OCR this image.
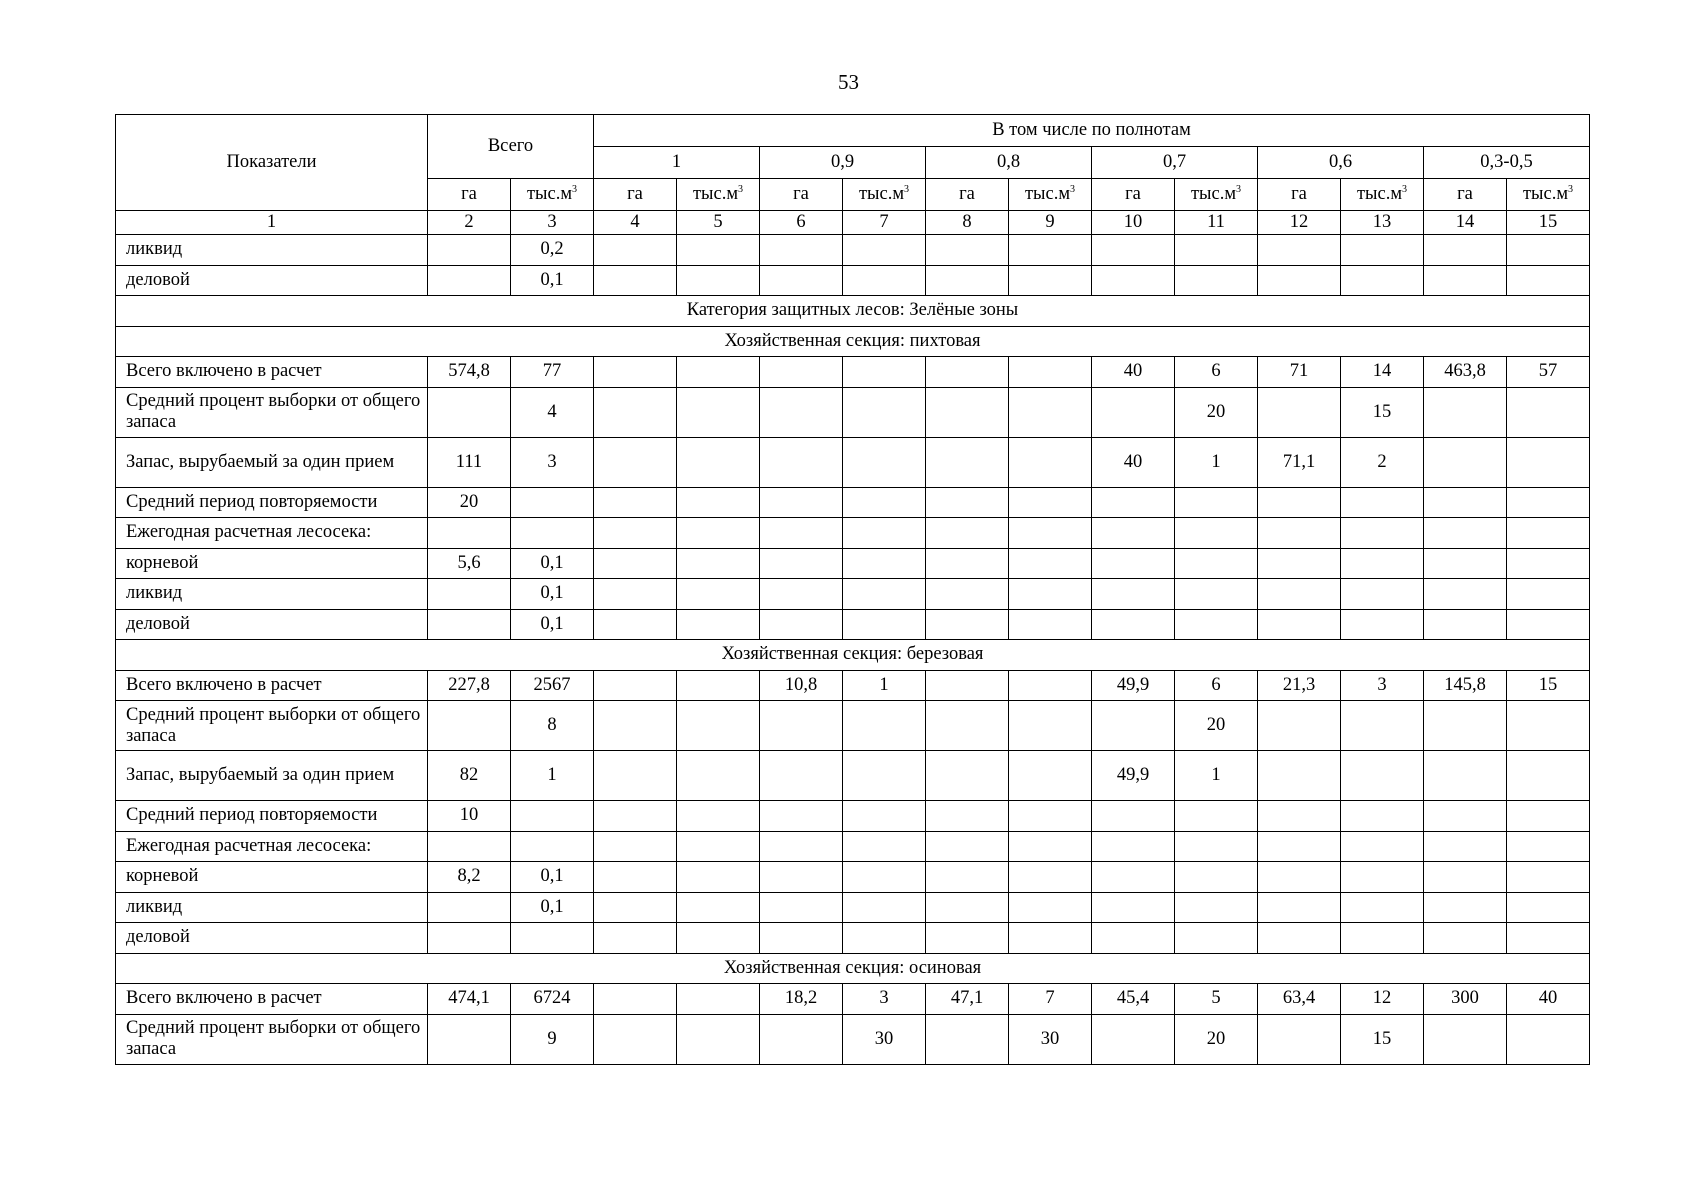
53
Показатели	Всего		В том числе по полнотам											
			1		0,9		0,8		0,7		0,6		0,3-0,5	
	га	$тыс.м^3$	га	$тыс.м^3$	га	$тыс.м^3$	га	$тыс.м^3$	га	$тыс.м^3$	га	$тыс.м^3$	га	$тыс.м^3$
1	2	3	4	5	6	7	8	9	10	11	12	13	14	15
ликвид		0,2												
деловой		0,1												
Категория защитных лесов: Зелёные зоны														
Хозяйственная секция: пихтовая														
Всего включено в расчет	574,8	77							40	6	71	14	463,8	57
Средний процент выборки от общего запаса		4								20		15		
Запас, вырубаемый за один прием	111	3							40	1	71,1	2		
Средний период повторяемости	20													
Ежегодная расчетная лесосека:														
корневой	5,6	0,1												
ликвид		0,1												
деловой		0,1												
Хозяйственная секция: березовая														
Всего включено в расчет	227,8	2567			10,8	1			49,9	6	21,3	3	145,8	15
Средний процент выборки от общего запаса		8								20				
Запас, вырубаемый за один прием	82	1							49,9	1				
Средний период повторяемости	10													
Ежегодная расчетная лесосека:														
корневой	8,2	0,1												
ликвид		0,1												
деловой														
Хозяйственная секция: осиновая														
Всего включено в расчет	474,1	6724			18,2	3	47,1	7	45,4	5	63,4	12	300	40
Средний процент выборки от общего запаса		9				30		30		20		15		
